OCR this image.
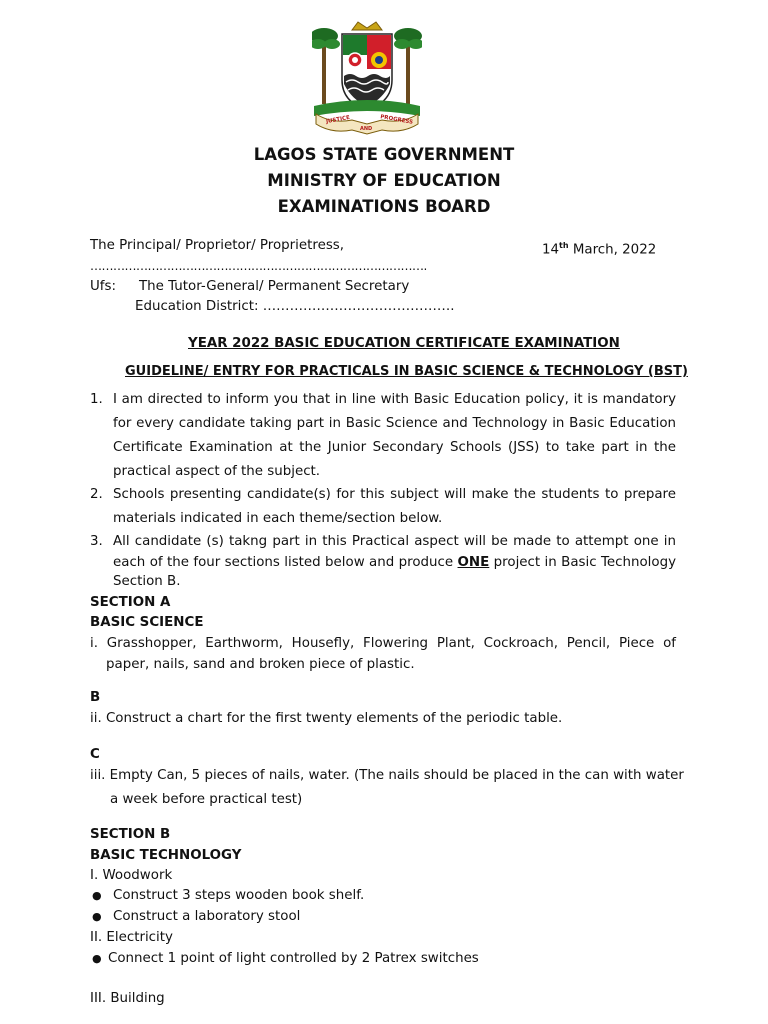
JUSTICE
AND
PROGRESS
LAGOS STATE GOVERNMENT
MINISTRY OF EDUCATION
EXAMINATIONS BOARD
The Principal/ Proprietor/ Proprietress,	14th March, 2022
…………………………………………………………………………….
Ufs: The Tutor-General/ Permanent Secretary
Education District: …………………………………….
YEAR 2022 BASIC EDUCATION CERTIFICATE EXAMINATION
GUIDELINE/ ENTRY FOR PRACTICALS IN BASIC SCIENCE & TECHNOLOGY (BST)
1. I am directed to inform you that in line with Basic Education policy, it is mandatory
for every candidate taking part in Basic Science and Technology in Basic Education
Certificate Examination at the Junior Secondary Schools (JSS) to take part in the
practical aspect of the subject.
2. Schools presenting candidate(s) for this subject will make the students to prepare
materials indicated in each theme/section below.
3. All candidate (s) takng part in this Practical aspect will be made to attempt one in
each of the four sections listed below and produce ONE project in Basic Technology
Section B.
SECTION A
BASIC SCIENCE
i. Grasshopper, Earthworm, Housefly, Flowering Plant, Cockroach, Pencil, Piece of
paper, nails, sand and broken piece of plastic.
B
ii. Construct a chart for the first twenty elements of the periodic table.
C
iii. Empty Can, 5 pieces of nails, water. (The nails should be placed in the can with water
a week before practical test)
SECTION B
BASIC TECHNOLOGY
I. Woodwork
● Construct 3 steps wooden book shelf.
● Construct a laboratory stool
II. Electricity
● Connect 1 point of light controlled by 2 Patrex switches
III. Building
